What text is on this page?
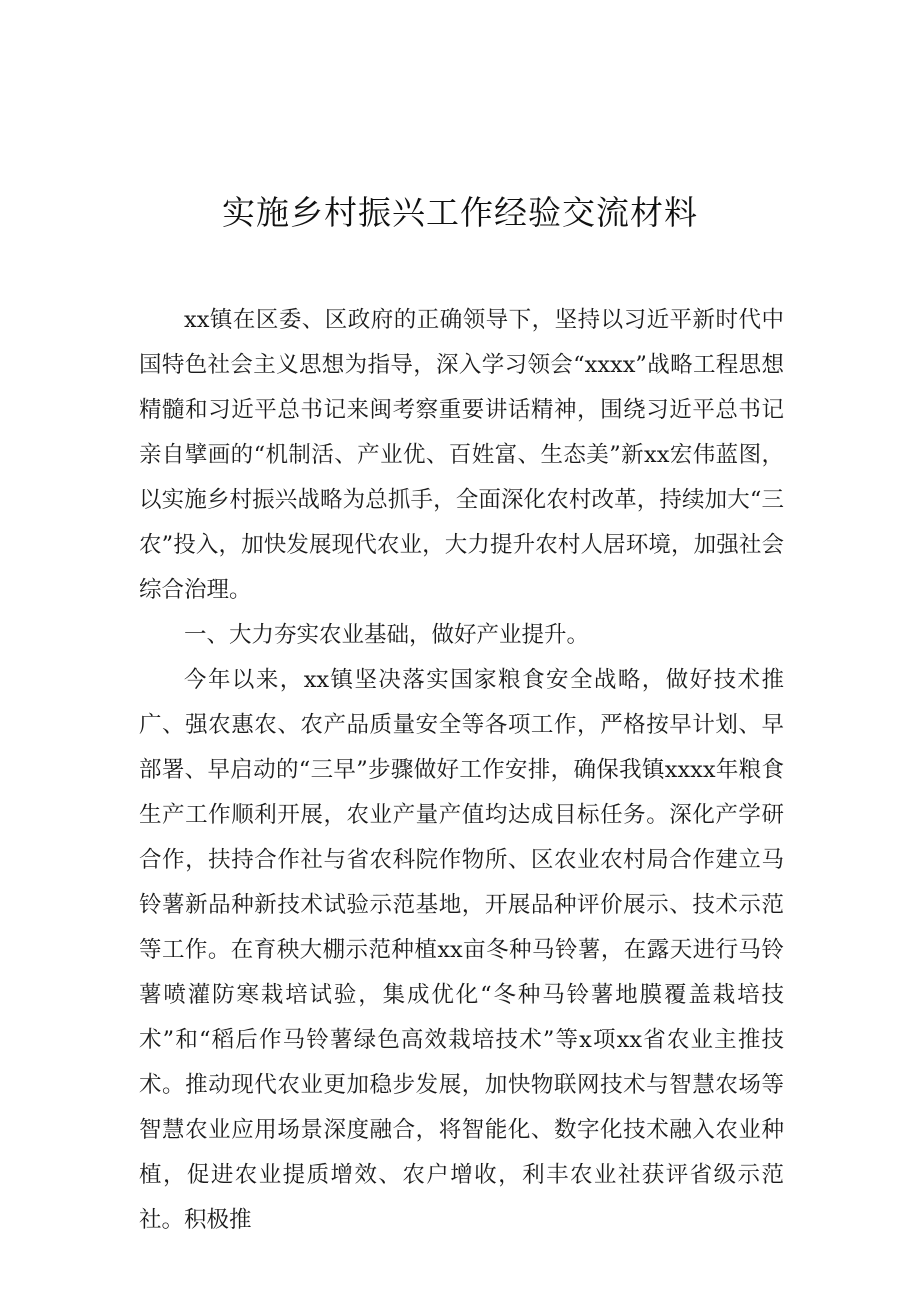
实施乡村振兴工作经验交流材料

xx镇在区委、区政府的正确领导下，坚持以习近平新时代中国特色社会主义思想为指导，深入学习领会“xxxx”战略工程思想精髓和习近平总书记来闽考察重要讲话精神，围绕习近平总书记亲自擘画的“机制活、产业优、百姓富、生态美”新xx宏伟蓝图，以实施乡村振兴战略为总抓手，全面深化农村改革，持续加大“三农”投入，加快发展现代农业，大力提升农村人居环境，加强社会综合治理。

一、大力夯实农业基础，做好产业提升。

今年以来，xx镇坚决落实国家粮食安全战略，做好技术推广、强农惠农、农产品质量安全等各项工作，严格按早计划、早部署、早启动的“三早”步骤做好工作安排，确保我镇xxxx年粮食生产工作顺利开展，农业产量产值均达成目标任务。深化产学研合作，扶持合作社与省农科院作物所、区农业农村局合作建立马铃薯新品种新技术试验示范基地，开展品种评价展示、技术示范等工作。在育秧大棚示范种植xx亩冬种马铃薯，在露天进行马铃薯喷灌防寒栽培试验，集成优化“冬种马铃薯地膜覆盖栽培技术”和“稻后作马铃薯绿色高效栽培技术”等x项xx省农业主推技术。推动现代农业更加稳步发展，加快物联网技术与智慧农场等智慧农业应用场景深度融合，将智能化、数字化技术融入农业种植，促进农业提质增效、农户增收，利丰农业社获评省级示范社。积极推
